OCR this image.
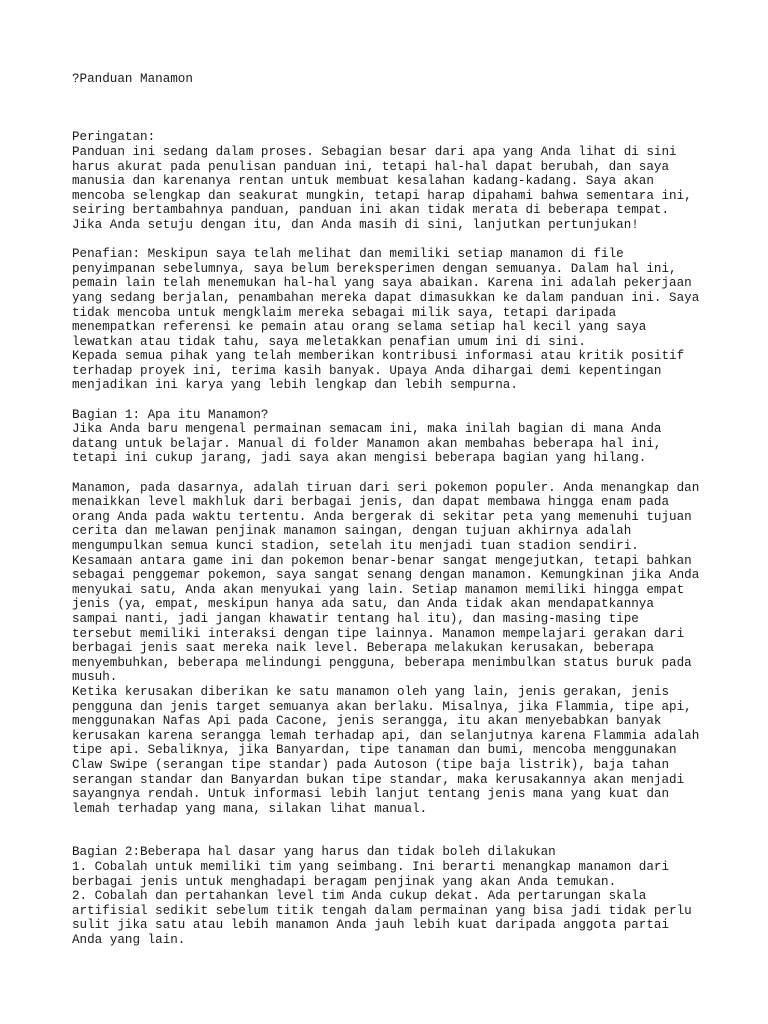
?Panduan Manamon
Peringatan:
Panduan ini sedang dalam proses. Sebagian besar dari apa yang Anda lihat di sini
harus akurat pada penulisan panduan ini, tetapi hal-hal dapat berubah, dan saya
manusia dan karenanya rentan untuk membuat kesalahan kadang-kadang. Saya akan
mencoba selengkap dan seakurat mungkin, tetapi harap dipahami bahwa sementara ini,
seiring bertambahnya panduan, panduan ini akan tidak merata di beberapa tempat.
Jika Anda setuju dengan itu, dan Anda masih di sini, lanjutkan pertunjukan!
Penafian: Meskipun saya telah melihat dan memiliki setiap manamon di file
penyimpanan sebelumnya, saya belum bereksperimen dengan semuanya. Dalam hal ini,
pemain lain telah menemukan hal-hal yang saya abaikan. Karena ini adalah pekerjaan
yang sedang berjalan, penambahan mereka dapat dimasukkan ke dalam panduan ini. Saya
tidak mencoba untuk mengklaim mereka sebagai milik saya, tetapi daripada
menempatkan referensi ke pemain atau orang selama setiap hal kecil yang saya
lewatkan atau tidak tahu, saya meletakkan penafian umum ini di sini.
Kepada semua pihak yang telah memberikan kontribusi informasi atau kritik positif
terhadap proyek ini, terima kasih banyak. Upaya Anda dihargai demi kepentingan
menjadikan ini karya yang lebih lengkap dan lebih sempurna.
Bagian 1: Apa itu Manamon?
Jika Anda baru mengenal permainan semacam ini, maka inilah bagian di mana Anda
datang untuk belajar. Manual di folder Manamon akan membahas beberapa hal ini,
tetapi ini cukup jarang, jadi saya akan mengisi beberapa bagian yang hilang.
Manamon, pada dasarnya, adalah tiruan dari seri pokemon populer. Anda menangkap dan
menaikkan level makhluk dari berbagai jenis, dan dapat membawa hingga enam pada
orang Anda pada waktu tertentu. Anda bergerak di sekitar peta yang memenuhi tujuan
cerita dan melawan penjinak manamon saingan, dengan tujuan akhirnya adalah
mengumpulkan semua kunci stadion, setelah itu menjadi tuan stadion sendiri.
Kesamaan antara game ini dan pokemon benar-benar sangat mengejutkan, tetapi bahkan
sebagai penggemar pokemon, saya sangat senang dengan manamon. Kemungkinan jika Anda
menyukai satu, Anda akan menyukai yang lain. Setiap manamon memiliki hingga empat
jenis (ya, empat, meskipun hanya ada satu, dan Anda tidak akan mendapatkannya
sampai nanti, jadi jangan khawatir tentang hal itu), dan masing-masing tipe
tersebut memiliki interaksi dengan tipe lainnya. Manamon mempelajari gerakan dari
berbagai jenis saat mereka naik level. Beberapa melakukan kerusakan, beberapa
menyembuhkan, beberapa melindungi pengguna, beberapa menimbulkan status buruk pada
musuh.
Ketika kerusakan diberikan ke satu manamon oleh yang lain, jenis gerakan, jenis
pengguna dan jenis target semuanya akan berlaku. Misalnya, jika Flammia, tipe api,
menggunakan Nafas Api pada Cacone, jenis serangga, itu akan menyebabkan banyak
kerusakan karena serangga lemah terhadap api, dan selanjutnya karena Flammia adalah
tipe api. Sebaliknya, jika Banyardan, tipe tanaman dan bumi, mencoba menggunakan
Claw Swipe (serangan tipe standar) pada Autoson (tipe baja listrik), baja tahan
serangan standar dan Banyardan bukan tipe standar, maka kerusakannya akan menjadi
sayangnya rendah. Untuk informasi lebih lanjut tentang jenis mana yang kuat dan
lemah terhadap yang mana, silakan lihat manual.
Bagian 2:Beberapa hal dasar yang harus dan tidak boleh dilakukan
1. Cobalah untuk memiliki tim yang seimbang. Ini berarti menangkap manamon dari
berbagai jenis untuk menghadapi beragam penjinak yang akan Anda temukan.
2. Cobalah dan pertahankan level tim Anda cukup dekat. Ada pertarungan skala
artifisial sedikit sebelum titik tengah dalam permainan yang bisa jadi tidak perlu
sulit jika satu atau lebih manamon Anda jauh lebih kuat daripada anggota partai
Anda yang lain.
